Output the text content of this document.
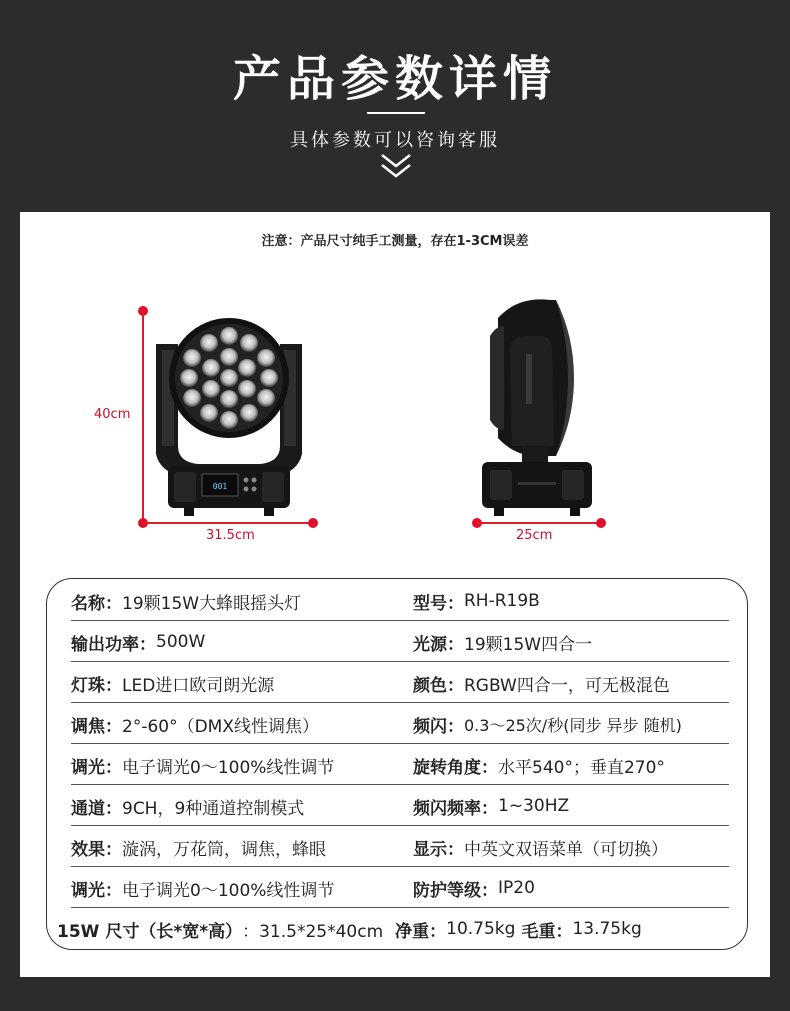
产品参数详情
具体参数可以咨询客服
注意：产品尺寸纯手工测量，存在1-3CM误差
40cm
31.5cm
001
25cm
名称： 19颗15W大蜂眼摇头灯	型号： RH-R19B
输出功率： 500W	光源： 19颗15W四合一
灯珠： LED进口欧司朗光源	颜色： RGBW四合一，可无极混色
调焦： 2°-60°（DMX线性调焦）	频闪： 0.3～25次/秒(同步 异步 随机)
调光： 电子调光0～100%线性调节	旋转角度： 水平540°；垂直270°
通道： 9CH，9种通道控制模式	频闪频率： 1~30HZ
效果： 漩涡，万花筒，调焦，蜂眼	显示： 中英文双语菜单（可切换）
调光： 电子调光0～100%线性调节	防护等级： IP20
15W 尺寸（长*宽*高） ：31.5*25*40cm 净重： 10.75kg 毛重： 13.75kg
